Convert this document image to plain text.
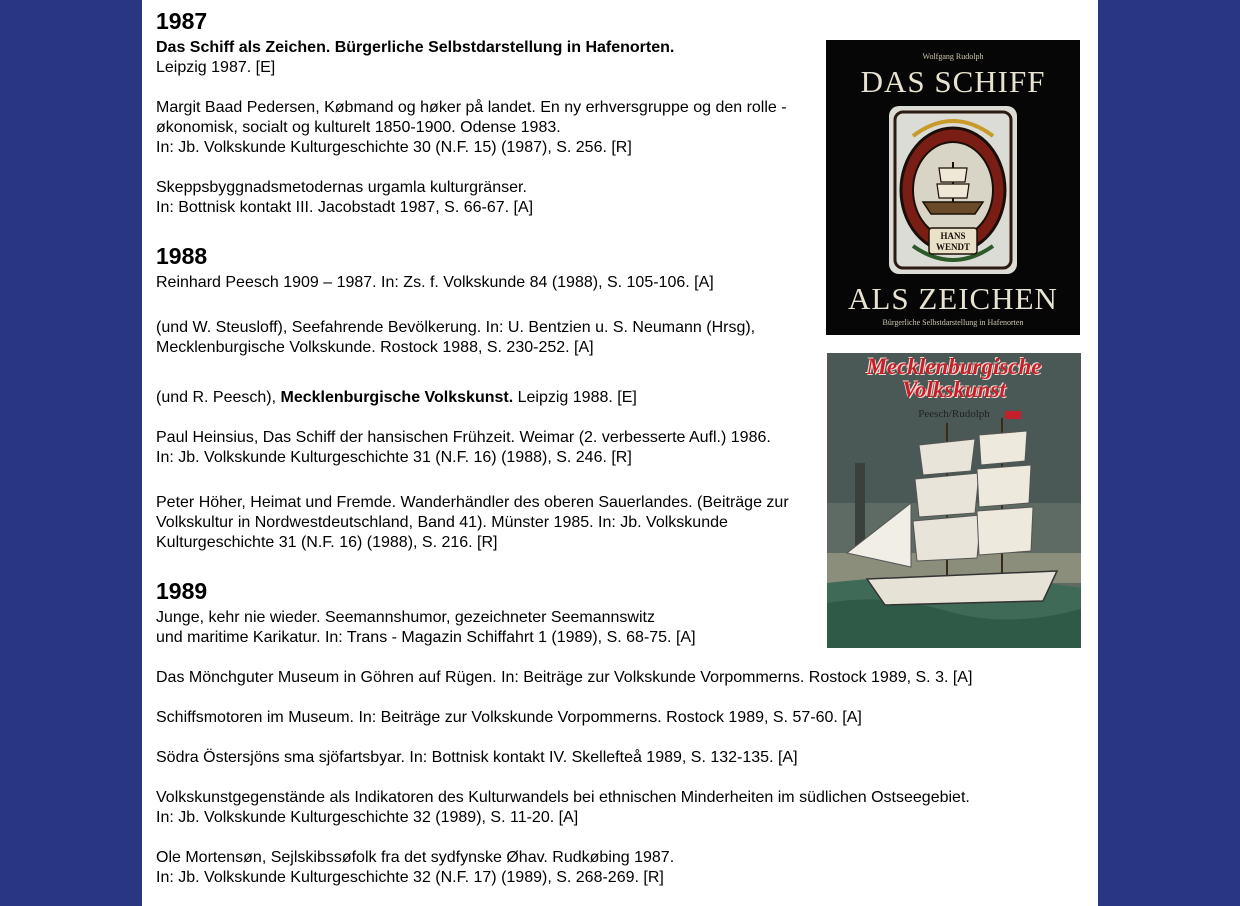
1987

Das Schiff als Zeichen. Bürgerliche Selbstdarstellung in Hafenorten.
Leipzig 1987. [E]

Margit Baad Pedersen, Købmand og høker på landet. En ny erhversgruppe og den rolle -
økonomisk, socialt og kulturelt 1850-1900. Odense 1983.
In: Jb. Volkskunde Kulturgeschichte 30 (N.F. 15) (1987), S. 256. [R]

Skeppsbyggnadsmetodernas urgamla kulturgränser.
In: Bottnisk kontakt III. Jacobstadt 1987, S. 66-67. [A]

1988

Reinhard Peesch 1909 – 1987. In: Zs. f. Volkskunde 84 (1988), S. 105-106. [A]

(und W. Steusloff), Seefahrende Bevölkerung. In: U. Bentzien u. S. Neumann (Hrsg),
Mecklenburgische Volkskunde. Rostock 1988, S. 230-252. [A]

(und R. Peesch), Mecklenburgische Volkskunst. Leipzig 1988. [E]

Paul Heinsius, Das Schiff der hansischen Frühzeit. Weimar (2. verbesserte Aufl.) 1986.
In: Jb. Volkskunde Kulturgeschichte 31 (N.F. 16) (1988), S. 246. [R]

Peter Höher, Heimat und Fremde. Wanderhändler des oberen Sauerlandes. (Beiträge zur
Volkskultur in Nordwestdeutschland, Band 41). Münster 1985. In: Jb. Volkskunde
Kulturgeschichte 31 (N.F. 16) (1988), S. 216. [R]

1989

Junge, kehr nie wieder. Seemannshumor, gezeichneter Seemannswitz
und maritime Karikatur. In: Trans - Magazin Schiffahrt 1 (1989), S. 68-75. [A]

Das Mönchguter Museum in Göhren auf Rügen. In: Beiträge zur Volkskunde Vorpommerns. Rostock 1989, S. 3. [A]

Schiffsmotoren im Museum. In: Beiträge zur Volkskunde Vorpommerns. Rostock 1989, S. 57-60. [A]

Södra Östersjöns sma sjöfartsbyar. In: Bottnisk kontakt IV. Skellefteå 1989, S. 132-135. [A]

Volkskunstgegenstände als Indikatoren des Kulturwandels bei ethnischen Minderheiten im südlichen Ostseegebiet.
In: Jb. Volkskunde Kulturgeschichte 32 (1989), S. 11-20. [A]

Ole Mortensøn, Sejlskibssøfolk fra det sydfynske Øhav. Rudkøbing 1987.
In: Jb. Volkskunde Kulturgeschichte 32 (N.F. 17) (1989), S. 268-269. [R]

Wolfgang Rudolph
DAS SCHIFF
HANS
WENDT
ALS ZEICHEN
Bürgerliche Selbstdarstellung in Hafenorten
Mecklenburgische
Volkskunst
Peesch/Rudolph
